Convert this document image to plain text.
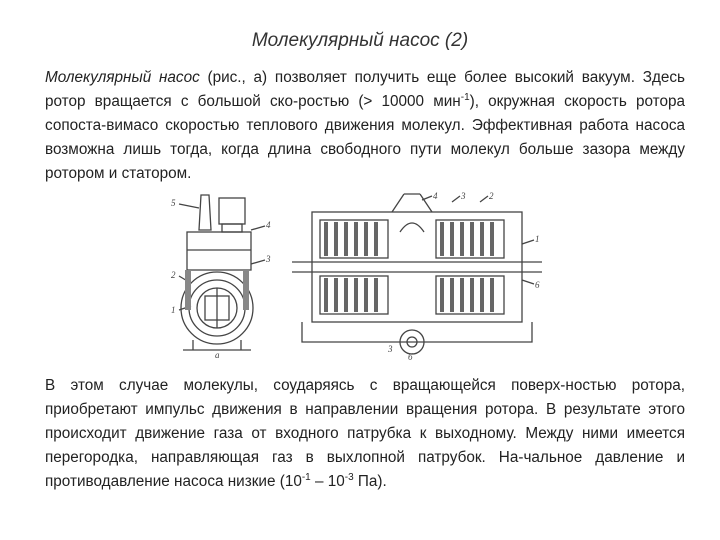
Молекулярный насос (2)

Молекулярный насос (рис., а) позволяет получить еще более высокий вакуум. Здесь ротор вращается с большой ско-ростью (> 10000 мин$^{-1}$), окружная скорость ротора сопоста-вимасо скоростью теплового движения молекул. Эффективная работа насоса возможна лишь тогда, когда длина свободного пути молекул больше зазора между ротором и статором.

5
4
3
2
1
а
4	3	2
1
6
3
б

В этом случае молекулы, соударяясь с вращающейся поверх-ностью ротора, приобретают импульс движения в направлении вращения ротора. В результате этого происходит движение газа от входного патрубка к выходному. Между ними имеется перегородка, направляющая газ в выхлопной патрубок. На-чальное давление и противодавление насоса низкие ($10^{-1} - 10^{-3}$ Па).
